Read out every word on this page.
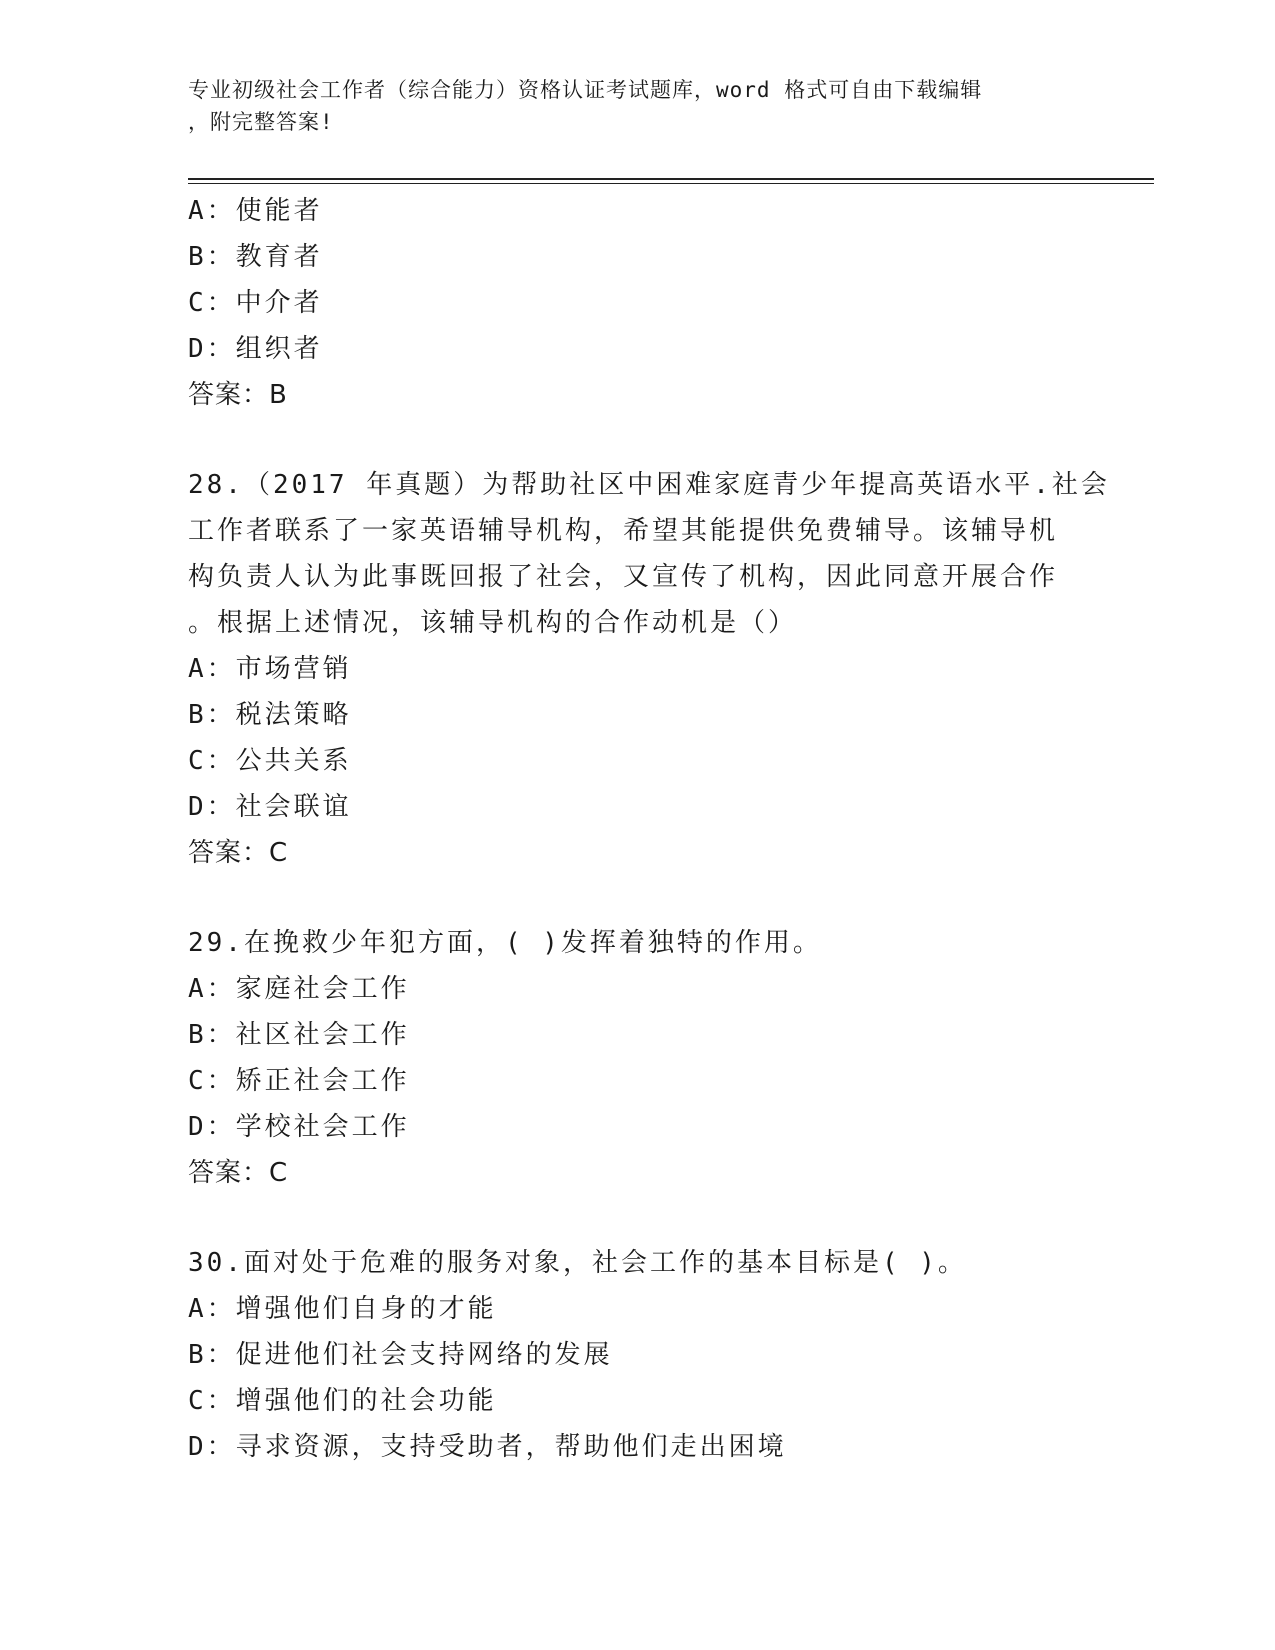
专业初级社会工作者（综合能力）资格认证考试题库，word 格式可自由下载编辑
，附完整答案!
A：使能者
B：教育者
C：中介者
D：组织者
答案：B
28.（2017 年真题）为帮助社区中困难家庭青少年提高英语水平.社会
工作者联系了一家英语辅导机构，希望其能提供免费辅导。该辅导机
构负责人认为此事既回报了社会，又宣传了机构，因此同意开展合作
。根据上述情况，该辅导机构的合作动机是（）
A：市场营销
B：税法策略
C：公共关系
D：社会联谊
答案：C
29.在挽救少年犯方面，( )发挥着独特的作用。
A：家庭社会工作
B：社区社会工作
C：矫正社会工作
D：学校社会工作
答案：C
30.面对处于危难的服务对象，社会工作的基本目标是( )。
A：增强他们自身的才能
B：促进他们社会支持网络的发展
C：增强他们的社会功能
D：寻求资源，支持受助者，帮助他们走出困境
